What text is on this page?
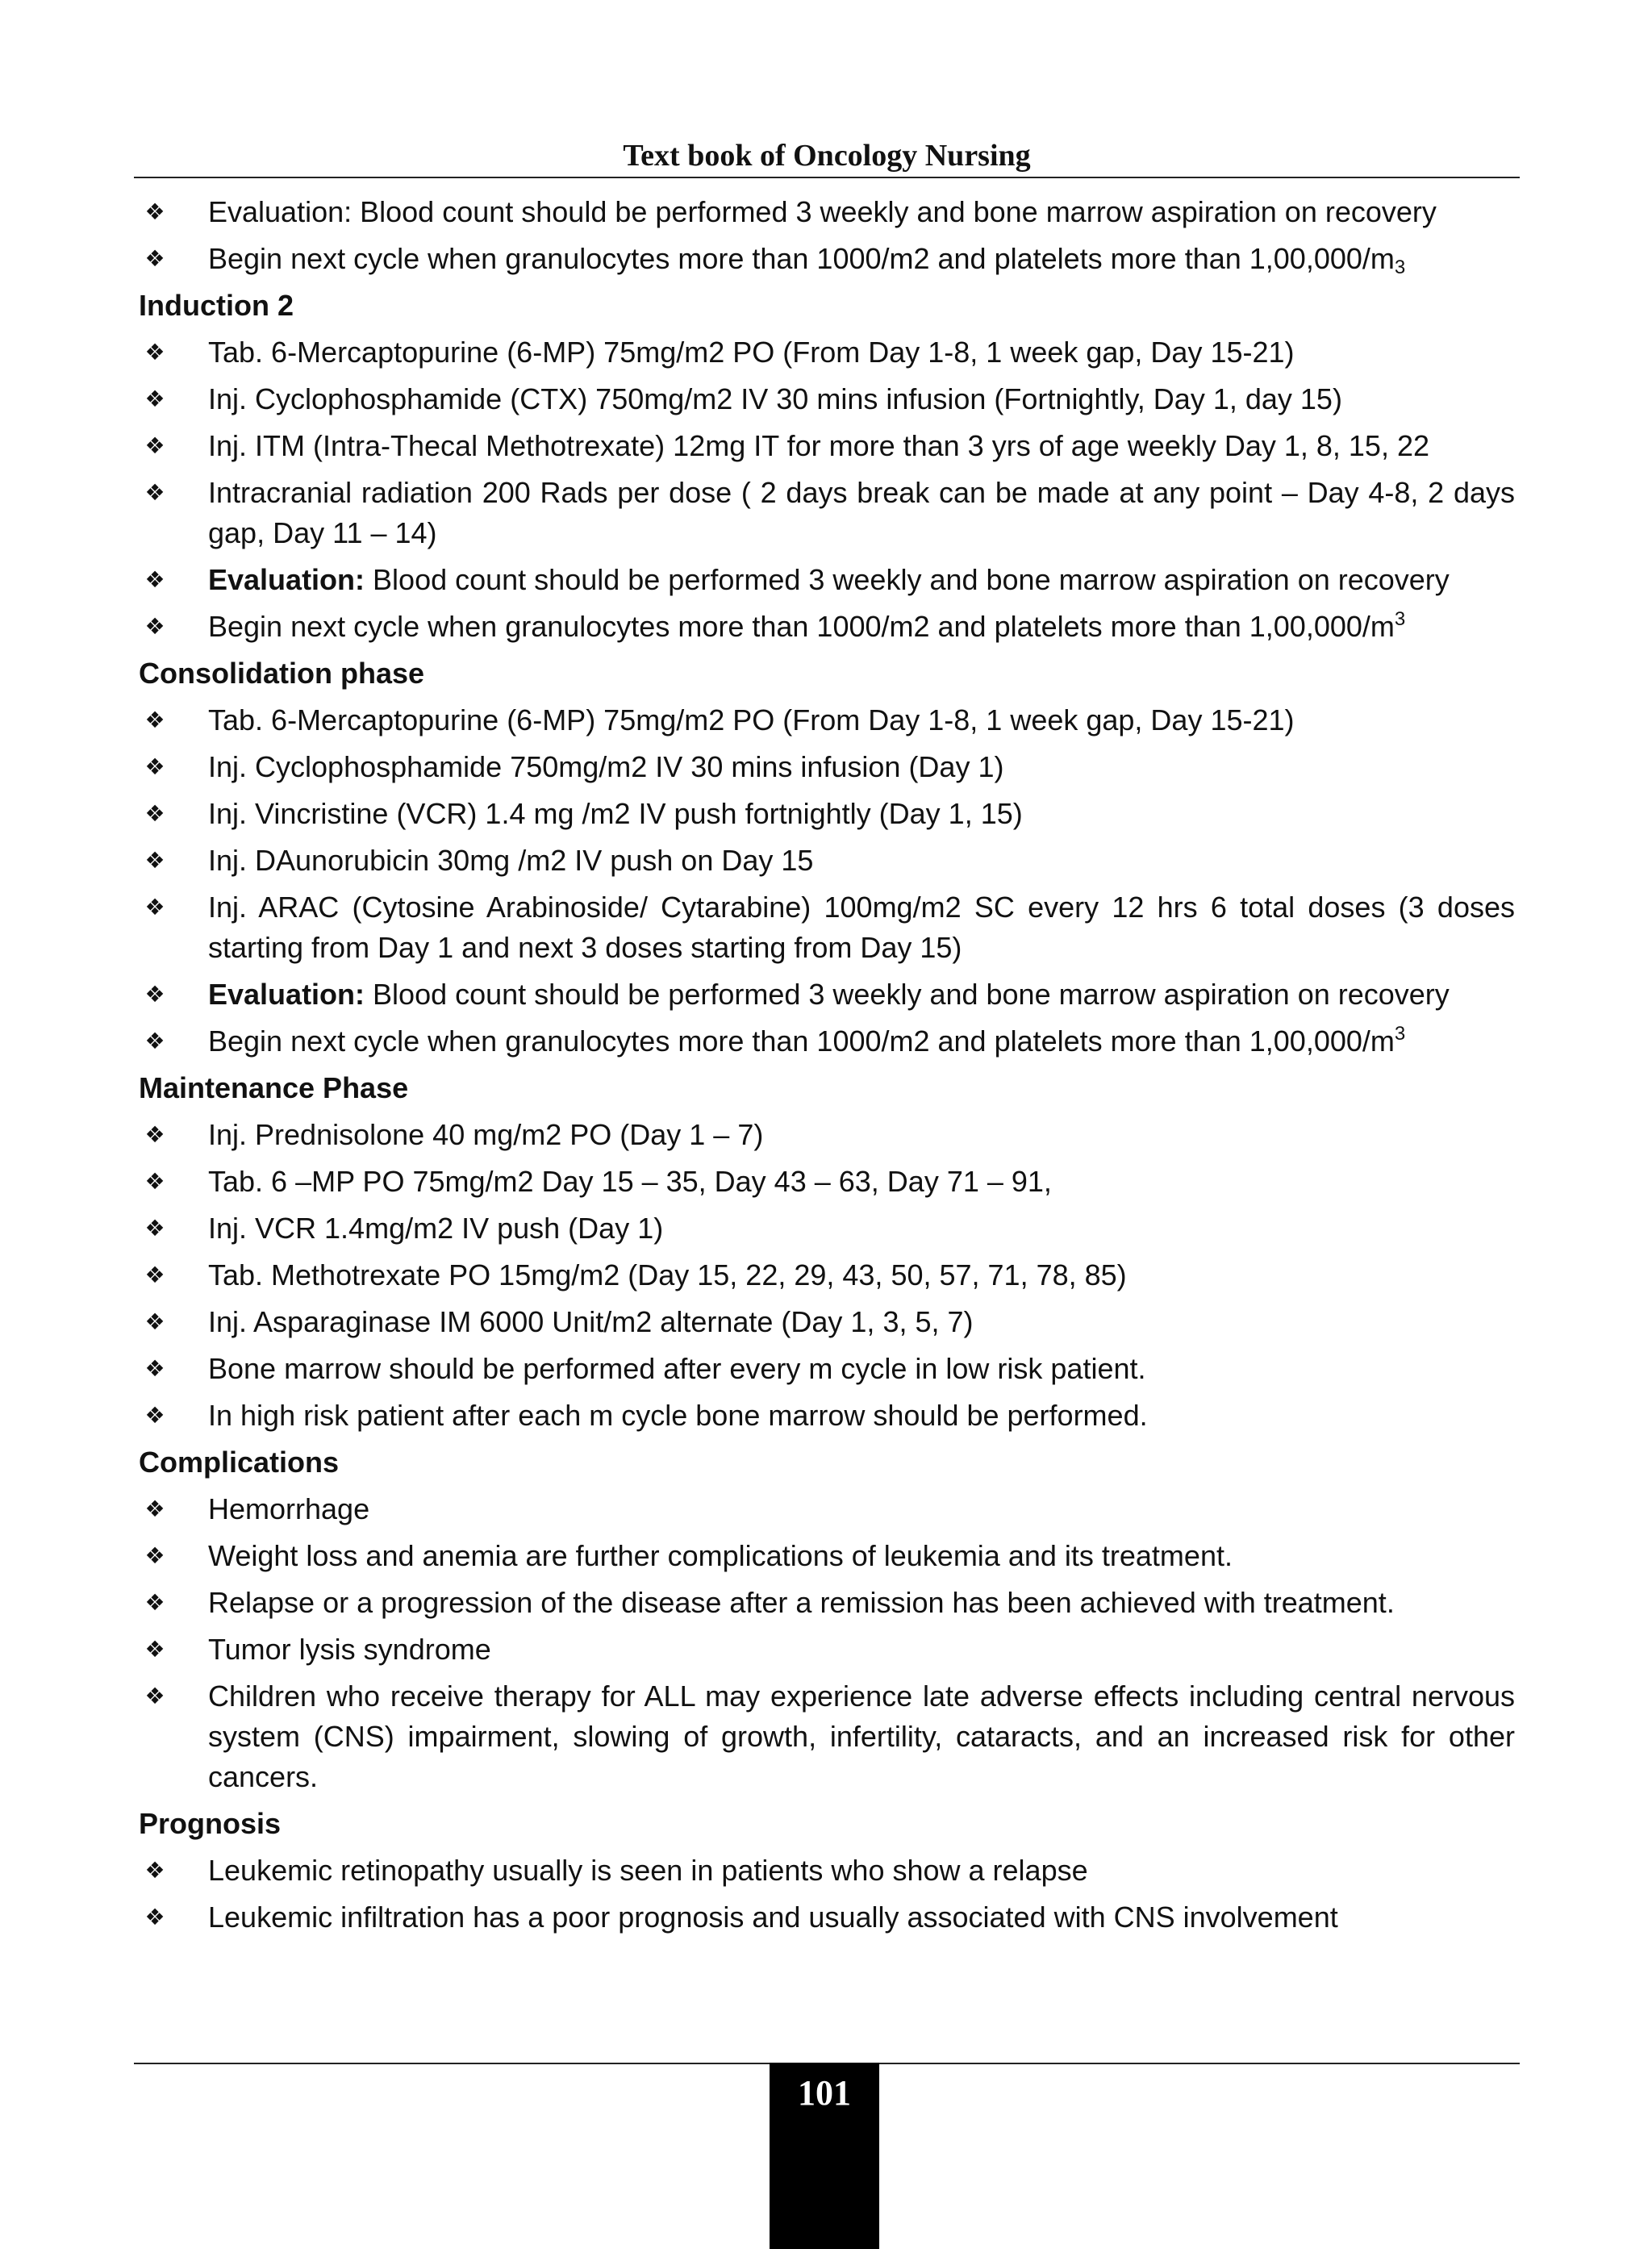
Text book of Oncology Nursing
❖ Evaluation: Blood count should be performed 3 weekly and bone marrow aspiration on recovery
❖ Begin next cycle when granulocytes more than 1000/m2 and platelets more than $1,00,000/m_3$
Induction 2
❖ Tab. 6-Mercaptopurine (6-MP) 75mg/m2 PO (From Day 1-8, 1 week gap, Day 15-21)
❖ Inj. Cyclophosphamide (CTX) 750mg/m2 IV 30 mins infusion (Fortnightly, Day 1, day 15)
❖ Inj. ITM (Intra-Thecal Methotrexate) 12mg IT for more than 3 yrs of age weekly Day 1, 8, 15, 22
❖ Intracranial radiation 200 Rads per dose ( 2 days break can be made at any point – Day 4-8, 2 days gap, Day 11 – 14)
❖ Evaluation: Blood count should be performed 3 weekly and bone marrow aspiration on recovery
❖ Begin next cycle when granulocytes more than 1000/m2 and platelets more than $1,00,000/m^3$
Consolidation phase
❖ Tab. 6-Mercaptopurine (6-MP) 75mg/m2 PO (From Day 1-8, 1 week gap, Day 15-21)
❖ Inj. Cyclophosphamide 750mg/m2 IV 30 mins infusion (Day 1)
❖ Inj. Vincristine (VCR) 1.4 mg /m2 IV push fortnightly (Day 1, 15)
❖ Inj. DAunorubicin 30mg /m2 IV push on Day 15
❖ Inj. ARAC (Cytosine Arabinoside/ Cytarabine) 100mg/m2 SC every 12 hrs 6 total doses (3 doses starting from Day 1 and next 3 doses starting from Day 15)
❖ Evaluation: Blood count should be performed 3 weekly and bone marrow aspiration on recovery
❖ Begin next cycle when granulocytes more than 1000/m2 and platelets more than $1,00,000/m^3$
Maintenance Phase
❖ Inj. Prednisolone 40 mg/m2 PO (Day 1 – 7)
❖ Tab. 6 –MP PO 75mg/m2 Day 15 – 35, Day 43 – 63, Day 71 – 91,
❖ Inj. VCR 1.4mg/m2 IV push (Day 1)
❖ Tab. Methotrexate PO 15mg/m2 (Day 15, 22, 29, 43, 50, 57, 71, 78, 85)
❖ Inj. Asparaginase IM 6000 Unit/m2 alternate (Day 1, 3, 5, 7)
❖ Bone marrow should be performed after every m cycle in low risk patient.
❖ In high risk patient after each m cycle bone marrow should be performed.
Complications
❖ Hemorrhage
❖ Weight loss and anemia are further complications of leukemia and its treatment.
❖ Relapse or a progression of the disease after a remission has been achieved with treatment.
❖ Tumor lysis syndrome
❖ Children who receive therapy for ALL may experience late adverse effects including central nervous system (CNS) impairment, slowing of growth, infertility, cataracts, and an increased risk for other cancers.
Prognosis
❖ Leukemic retinopathy usually is seen in patients who show a relapse
❖ Leukemic infiltration has a poor prognosis and usually associated with CNS involvement
101
